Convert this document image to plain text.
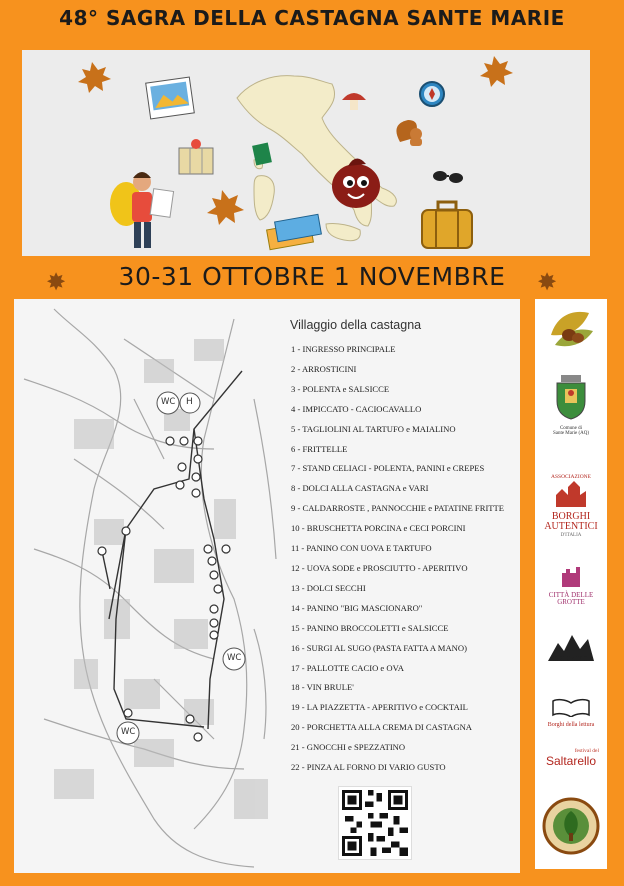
48° SAGRA DELLA CASTAGNA SANTE MARIE
✸	30-31 OTTOBRE 1 NOVEMBRE	✸
WC H
WC
WC
Villaggio della castagna
1 - INGRESSO PRINCIPALE
2 - ARROSTICINI
3 - POLENTA e SALSICCE
4 - IMPICCATO - CACIOCAVALLO
5 - TAGLIOLINI AL TARTUFO e MAIALINO
6 - FRITTELLE
7 - STAND CELIACI - POLENTA, PANINI e CREPES
8 - DOLCI ALLA CASTAGNA e VARI
9 - CALDARROSTE , PANNOCCHIE e PATATINE FRITTE
10 - BRUSCHETTA PORCINA e CECI PORCINI
11 - PANINO CON UOVA E TARTUFO
12 - UOVA SODE e PROSCIUTTO - APERITIVO
13 - DOLCI SECCHI
14 - PANINO "BIG MASCIONARO"
15 - PANINO BROCCOLETTI e SALSICCE
16 - SURGI AL SUGO (PASTA FATTA A MANO)
17 - PALLOTTE CACIO e OVA
18 - VIN BRULE'
19 - LA PIAZZETTA - APERITIVO e COCKTAIL
20 - PORCHETTA ALLA CREMA DI CASTAGNA
21 - GNOCCHI e SPEZZATINO
22 - PINZA AL FORNO DI VARIO GUSTO
Comune di
Sante Marie (AQ)
ASSOCIAZIONE
BORGHI
AUTENTICI
D'ITALIA
CITTÀ DELLE GROTTE
BRIGANTI
Borghi della lettura
festival del
Saltarello
